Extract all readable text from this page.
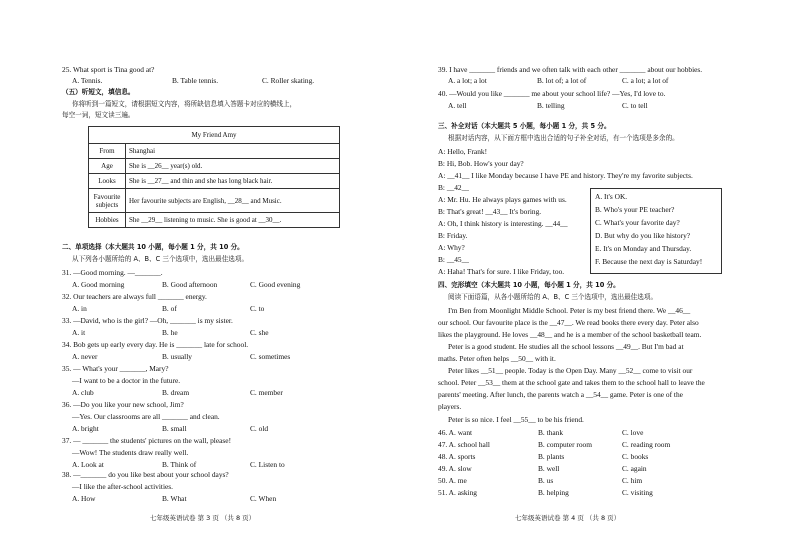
25. What sport is Tina good at?
A. Tennis.	B. Table tennis.	C. Roller skating.
（五）听短文，填信息。
你将听到一篇短文，请根据短文内容，将所缺信息填入答题卡对应的横线上，
每空一词，短文读三遍。
My Friend Amy	
From	Shanghai
Age	She is __26__ year(s) old.
Looks	She is __27__ and thin and she has long black hair.
Favourite subjects	Her favourite subjects are English, __28__ and Music.
Hobbies	She __29__ listening to music. She is good at __30__.
二、单项选择（本大题共 10 小题，每小题 1 分，共 10 分。
从下列各小题所给的 A、B、C 三个选项中，选出最佳选项。
31. —Good morning. —_______.
A. Good morning	B. Good afternoon	C. Good evening
32. Our teachers are always full _______ energy.
A. in	B. of	C. to
33. —David, who is the girl? —Oh, _______ is my sister.
A. it	B. he	C. she
34. Bob gets up early every day. He is _______ late for school.
A. never	B. usually	C. sometimes
35. — What's your _______, Mary?
—I want to be a doctor in the future.
A. club	B. dream	C. member
36. —Do you like your new school, Jim?
—Yes. Our classrooms are all _______ and clean.
A. bright	B. small	C. old
37. — _______ the students' pictures on the wall, please!
—Wow! The students draw really well.
A. Look at	B. Think of	C. Listen to
38. —_______ do you like best about your school days?
—I like the after-school activities.
A. How	B. What	C. When
七年级英语试卷 第 3 页 （共 8 页）
39. I have _______ friends and we often talk with each other _______ about our hobbies.
A. a lot; a lot	B. lot of; a lot of	C. a lot; a lot of
40. —Would you like _______ me about your school life? —Yes, I'd love to.
A. tell	B. telling	C. to tell
三、补全对话（本大题共 5 小题，每小题 1 分，共 5 分。
根据对话内容，从下面方框中选出合适的句子补全对话，有一个选项是多余的。
A: Hello, Frank!
B: Hi, Bob. How's your day?
A: __41__ I like Monday because I have PE and history. They're my favorite subjects.
B: __42__
A: Mr. Hu. He always plays games with us.
B: That's great! __43__ It's boring.
A: Oh, I think history is interesting. __44__
B: Friday.
A: Why?
B: __45__
A: Haha! That's for sure. I like Friday, too.
A. It's OK.
B. Who's your PE teacher?
C. What's your favorite day?
D. But why do you like history?
E. It's on Monday and Thursday.
F. Because the next day is Saturday!
四、完形填空（本大题共 10 小题，每小题 1 分，共 10 分。
阅读下面语篇，从各小题所给的 A、B、C 三个选项中，选出最佳选项。
I'm Ben from Moonlight Middle School. Peter is my best friend there. We __46__
our school. Our favourite place is the __47__. We read books there every day. Peter also
likes the playground. He loves __48__ and he is a member of the school basketball team.
Peter is a good student. He studies all the school lessons __49__. But I'm bad at
maths. Peter often helps __50__ with it.
Peter likes __51__ people. Today is the Open Day. Many __52__ come to visit our
school. Peter __53__ them at the school gate and takes them to the school hall to leave the
parents' meeting. After lunch, the parents watch a __54__ game. Peter is one of the
players.
Peter is so nice. I feel __55__ to be his friend.
46. A. want	B. thank	C. love
47. A. school hall	B. computer room	C. reading room
48. A. sports	B. plants	C. books
49. A. slow	B. well	C. again
50. A. me	B. us	C. him
51. A. asking	B. helping	C. visiting
七年级英语试卷 第 4 页 （共 8 页）
